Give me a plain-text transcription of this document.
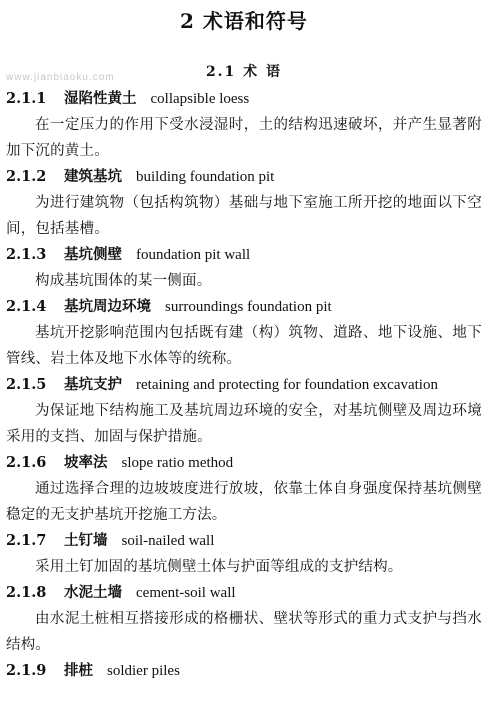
2 术语和符号
2.1 术 语
www.jianbiaoku.com
2.1.1 湿陷性黄土 collapsible loess

在一定压力的作用下受水浸湿时，土的结构迅速破坏，并产生显著附加下沉的黄土。

2.1.2 建筑基坑 building foundation pit

为进行建筑物（包括构筑物）基础与地下室施工所开挖的地面以下空间，包括基槽。

2.1.3 基坑侧壁 foundation pit wall

构成基坑围体的某一侧面。

2.1.4 基坑周边环境 surroundings foundation pit

基坑开挖影响范围内包括既有建（构）筑物、道路、地下设施、地下管线、岩土体及地下水体等的统称。

2.1.5 基坑支护 retaining and protecting for foundation excavation

为保证地下结构施工及基坑周边环境的安全，对基坑侧壁及周边环境采用的支挡、加固与保护措施。

2.1.6 坡率法 slope ratio method

通过选择合理的边坡坡度进行放坡，依靠土体自身强度保持基坑侧壁稳定的无支护基坑开挖施工方法。

2.1.7 土钉墙 soil-nailed wall

采用土钉加固的基坑侧壁土体与护面等组成的支护结构。

2.1.8 水泥土墙 cement-soil wall

由水泥土桩相互搭接形成的格栅状、壁状等形式的重力式支护与挡水结构。

2.1.9 排桩 soldier piles
